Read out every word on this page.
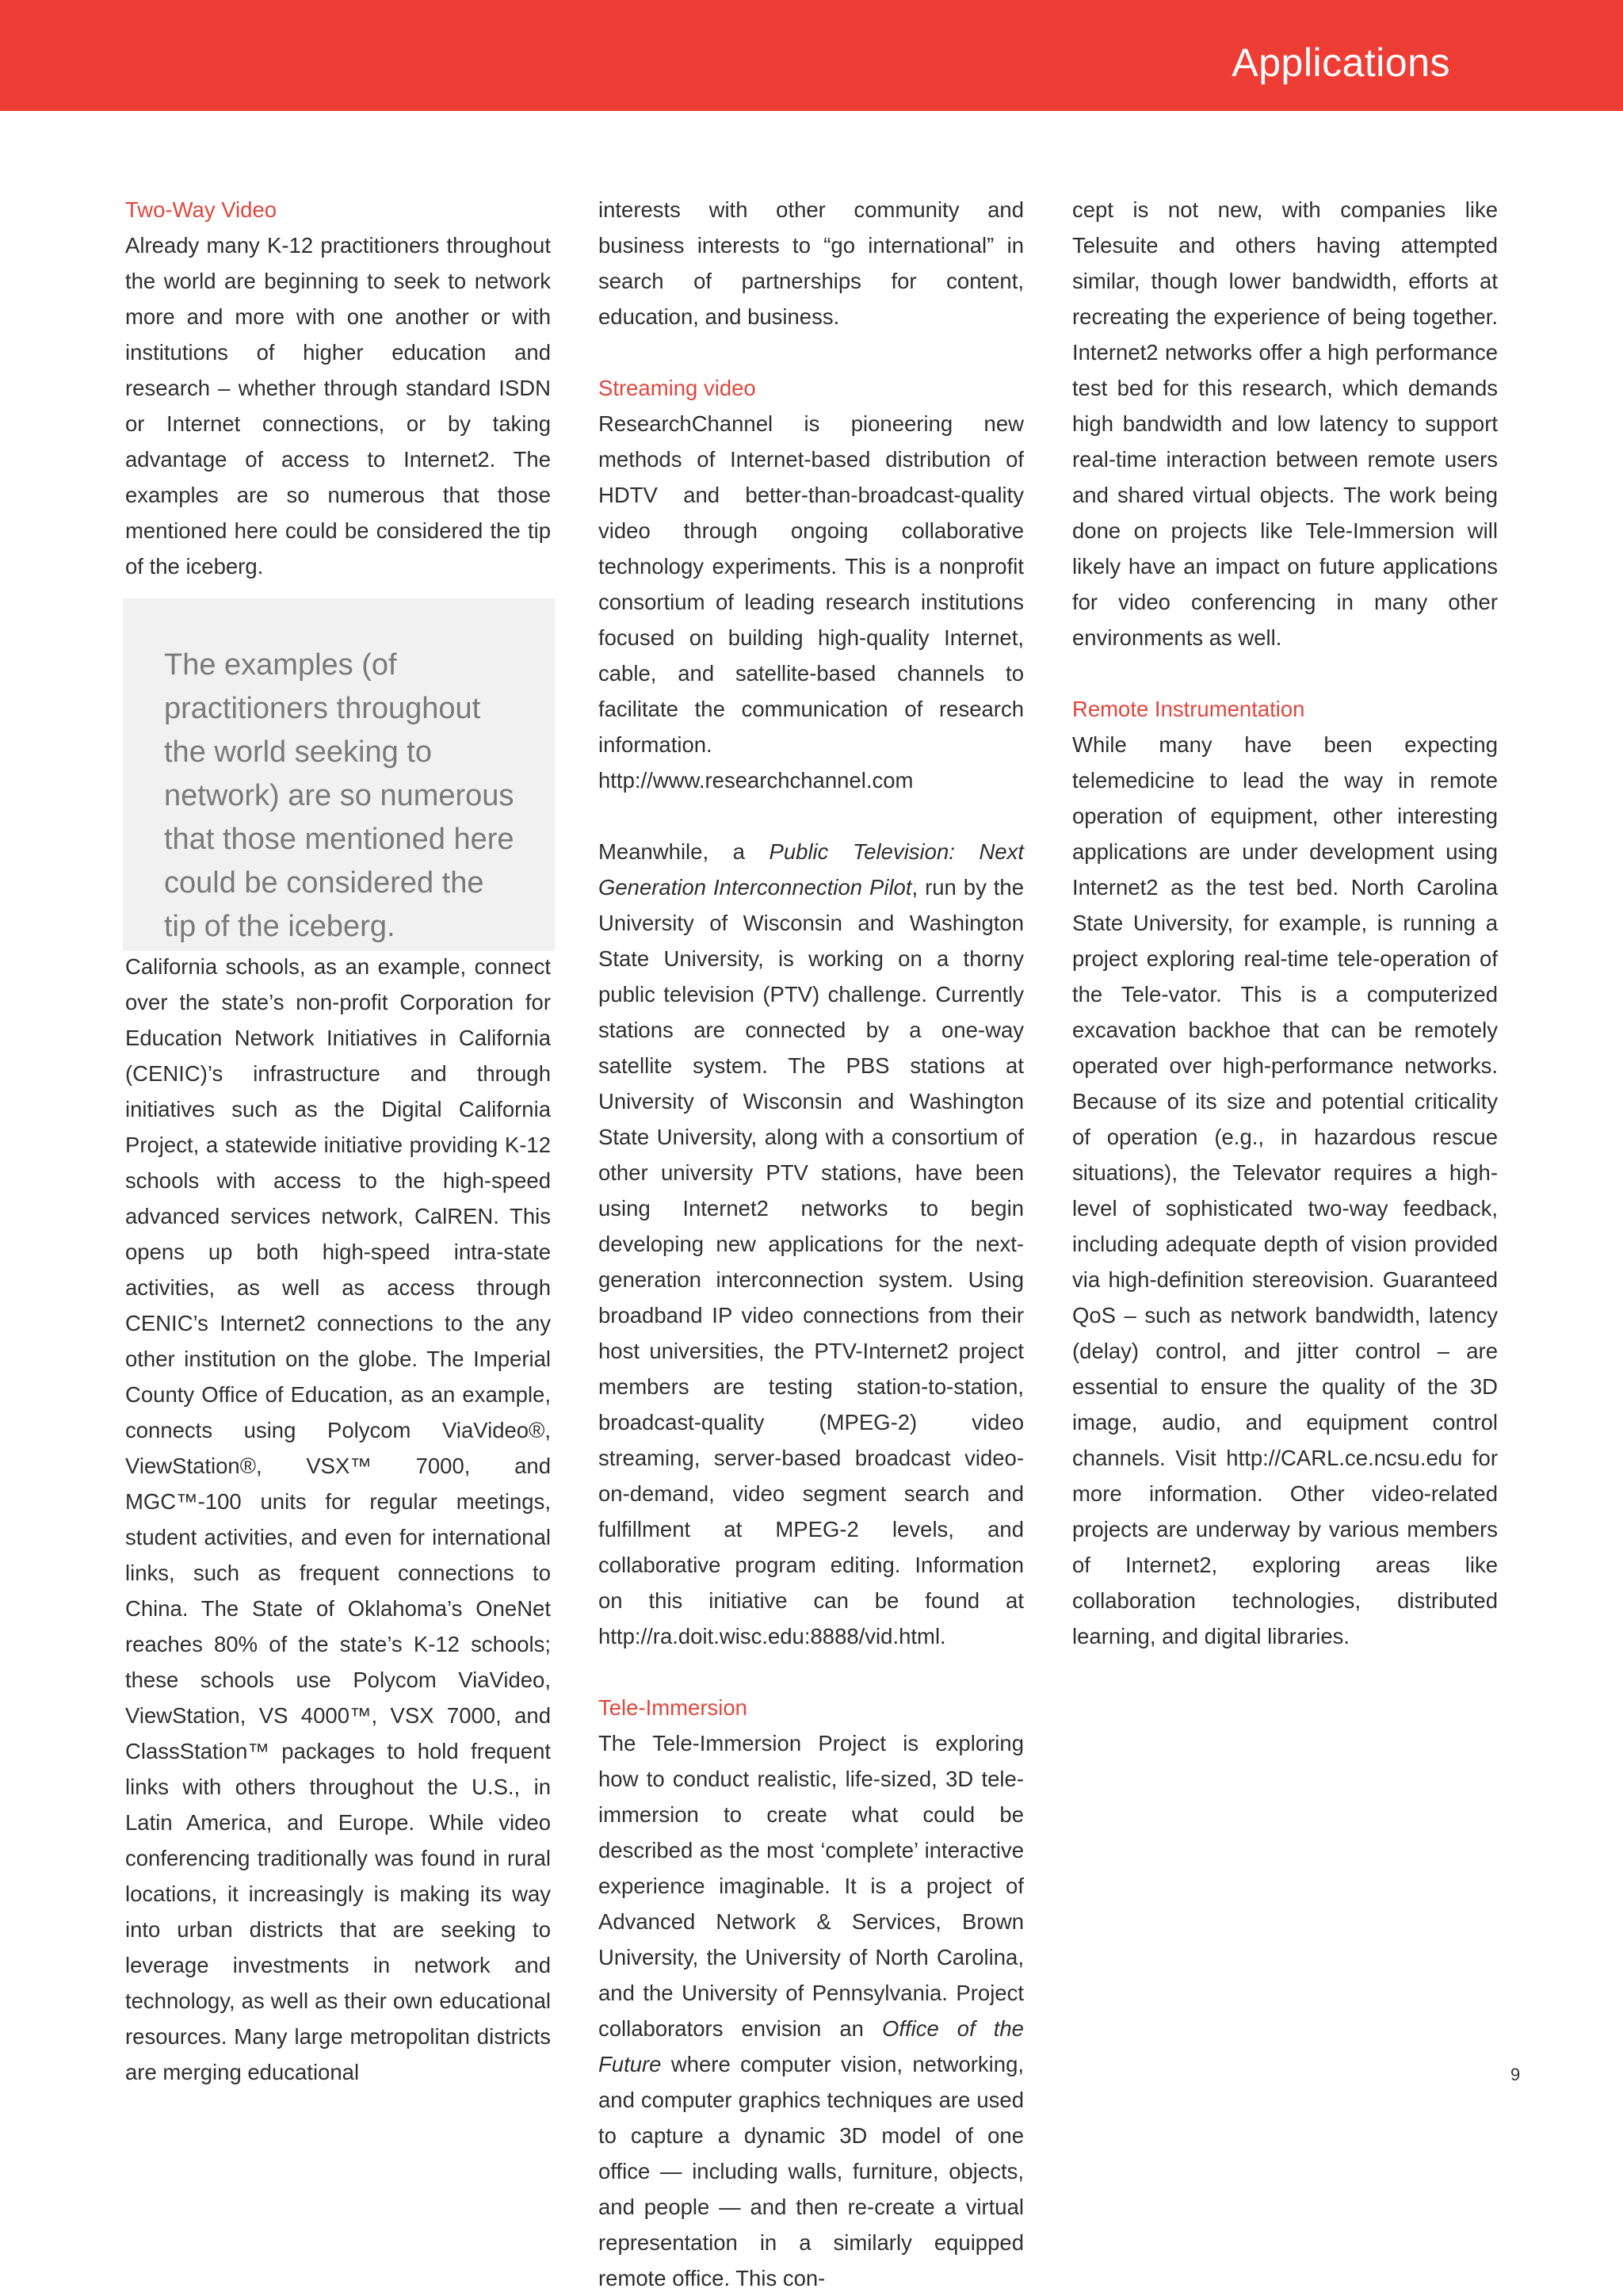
Applications
Two-Way Video

Already many K-12 practitioners throughout the world are beginning to seek to network more and more with one another or with institutions of higher education and research – whether through standard ISDN or Internet connections, or by taking advantage of access to Internet2. The examples are so numerous that those mentioned here could be considered the tip of the iceberg.

California schools, as an example, connect over the state’s non-profit Corporation for Education Network Initiatives in California (CENIC)’s infrastructure and through initiatives such as the Digital California Project, a statewide initiative providing K-12 schools with access to the high-speed advanced services network, CalREN. This opens up both high-speed intra-state activities, as well as access through CENIC’s Internet2 connections to the any other institution on the globe. The Imperial County Office of Education, as an example, connects using Polycom ViaVideo®, ViewStation®, VSX™ 7000, and MGC™-100 units for regular meetings, student activities, and even for international links, such as frequent connections to China. The State of Oklahoma’s OneNet reaches 80% of the state’s K-12 schools; these schools use Polycom ViaVideo, ViewStation, VS 4000™, VSX 7000, and ClassStation™ packages to hold frequent links with others throughout the U.S., in Latin America, and Europe. While video conferencing traditionally was found in rural locations, it increasingly is making its way into urban districts that are seeking to leverage investments in network and technology, as well as their own educational resources. Many large metropolitan districts are merging educational

The examples (of practitioners throughout the world seeking to network) are so numerous that those mentioned here could be considered the tip of the iceberg.

interests with other community and business interests to “go international” in search of partnerships for content, education, and business.

Streaming video

ResearchChannel is pioneering new methods of Internet-based distribution of HDTV and better-than-broadcast-quality video through ongoing collaborative technology experiments. This is a nonprofit consortium of leading research institutions focused on building high-quality Internet, cable, and satellite-based channels to facilitate the communication of research information. http://www.researchchannel.com

Meanwhile, a Public Television: Next Generation Interconnection Pilot, run by the University of Wisconsin and Washington State University, is working on a thorny public television (PTV) challenge. Currently stations are connected by a one-way satellite system. The PBS stations at University of Wisconsin and Washington State University, along with a consortium of other university PTV stations, have been using Internet2 networks to begin developing new applications for the next-generation interconnection system. Using broadband IP video connections from their host universities, the PTV-Internet2 project members are testing station-to-station, broadcast-quality (MPEG-2) video streaming, server-based broadcast video-on-demand, video segment search and fulfillment at MPEG-2 levels, and collaborative program editing. Information on this initiative can be found at http://ra.doit.wisc.edu:8888/vid.html.

Tele-Immersion

The Tele-Immersion Project is exploring how to conduct realistic, life-sized, 3D tele-immersion to create what could be described as the most ‘complete’ interactive experience imaginable. It is a project of Advanced Network & Services, Brown University, the University of North Carolina, and the University of Pennsylvania. Project collaborators envision an Office of the Future where computer vision, networking, and computer graphics techniques are used to capture a dynamic 3D model of one office — including walls, furniture, objects, and people — and then re-create a virtual representation in a similarly equipped remote office. This con-

cept is not new, with companies like Telesuite and others having attempted similar, though lower bandwidth, efforts at recreating the experience of being together. Internet2 networks offer a high performance test bed for this research, which demands high bandwidth and low latency to support real-time interaction between remote users and shared virtual objects. The work being done on projects like Tele-Immersion will likely have an impact on future applications for video conferencing in many other environments as well.

Remote Instrumentation

While many have been expecting telemedicine to lead the way in remote operation of equipment, other interesting applications are under development using Internet2 as the test bed. North Carolina State University, for example, is running a project exploring real-time tele-operation of the Tele-vator. This is a computerized excavation backhoe that can be remotely operated over high-performance networks. Because of its size and potential criticality of operation (e.g., in hazardous rescue situations), the Televator requires a high-level of sophisticated two-way feedback, including adequate depth of vision provided via high-definition stereovision. Guaranteed QoS – such as network bandwidth, latency (delay) control, and jitter control – are essential to ensure the quality of the 3D image, audio, and equipment control channels. Visit http://CARL.ce.ncsu.edu for more information. Other video-related projects are underway by various members of Internet2, exploring areas like collaboration technologies, distributed learning, and digital libraries.

9
